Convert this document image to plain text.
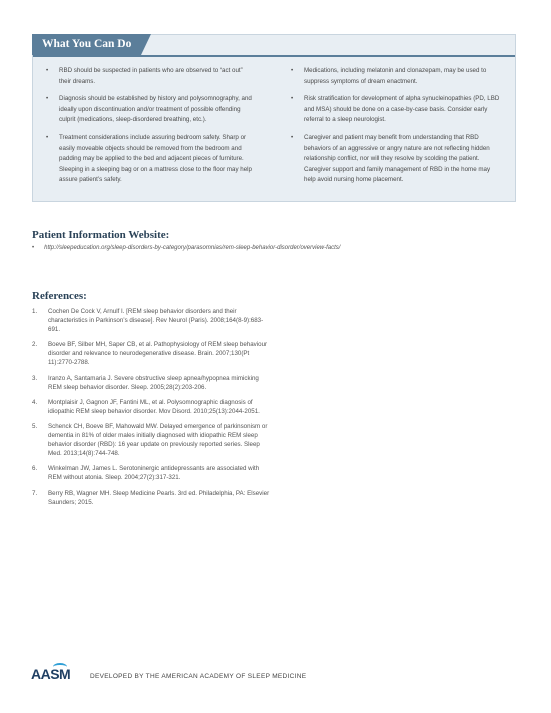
What You Can Do
• RBD should be suspected in patients who are observed to “act out” their dreams.
• Diagnosis should be established by history and polysomnography, and ideally upon discontinuation and/or treatment of possible offending culprit (medications, sleep-disordered breathing, etc.).
• Treatment considerations include assuring bedroom safety. Sharp or easily moveable objects should be removed from the bedroom and padding may be applied to the bed and adjacent pieces of furniture. Sleeping in a sleeping bag or on a mattress close to the floor may help assure patient’s safety.
• Medications, including melatonin and clonazepam, may be used to suppress symptoms of dream enactment.
• Risk stratification for development of alpha synucleinopathies (PD, LBD and MSA) should be done on a case-by-case basis. Consider early referral to a sleep neurologist.
• Caregiver and patient may benefit from understanding that RBD behaviors of an aggressive or angry nature are not reflecting hidden relationship conflict, nor will they resolve by scolding the patient. Caregiver support and family management of RBD in the home may help avoid nursing home placement.
Patient Information Website:
• http://sleepeducation.org/sleep-disorders-by-category/parasomnias/rem-sleep-behavior-disorder/overview-facts/
References:
1. Cochen De Cock V, Arnulf I. [REM sleep behavior disorders and their characteristics in Parkinson’s disease]. Rev Neurol (Paris). 2008;164(8-9):683-691.
2. Boeve BF, Silber MH, Saper CB, et al. Pathophysiology of REM sleep behaviour disorder and relevance to neurodegenerative disease. Brain. 2007;130(Pt 11):2770-2788.
3. Iranzo A, Santamaria J. Severe obstructive sleep apnea/hypopnea mimicking REM sleep behavior disorder. Sleep. 2005;28(2):203-206.
4. Montplaisir J, Gagnon JF, Fantini ML, et al. Polysomnographic diagnosis of idiopathic REM sleep behavior disorder. Mov Disord. 2010;25(13):2044-2051.
5. Schenck CH, Boeve BF, Mahowald MW. Delayed emergence of parkinsonism or dementia in 81% of older males initially diagnosed with idiopathic REM sleep behavior disorder (RBD): 16 year update on previously reported series. Sleep Med. 2013;14(8):744-748.
6. Winkelman JW, James L. Serotoninergic antidepressants are associated with REM without atonia. Sleep. 2004;27(2):317-321.
7. Berry RB, Wagner MH. Sleep Medicine Pearls. 3rd ed. Philadelphia, PA: Elsevier Saunders; 2015.
AASM	DEVELOPED BY THE AMERICAN ACADEMY OF SLEEP MEDICINE
